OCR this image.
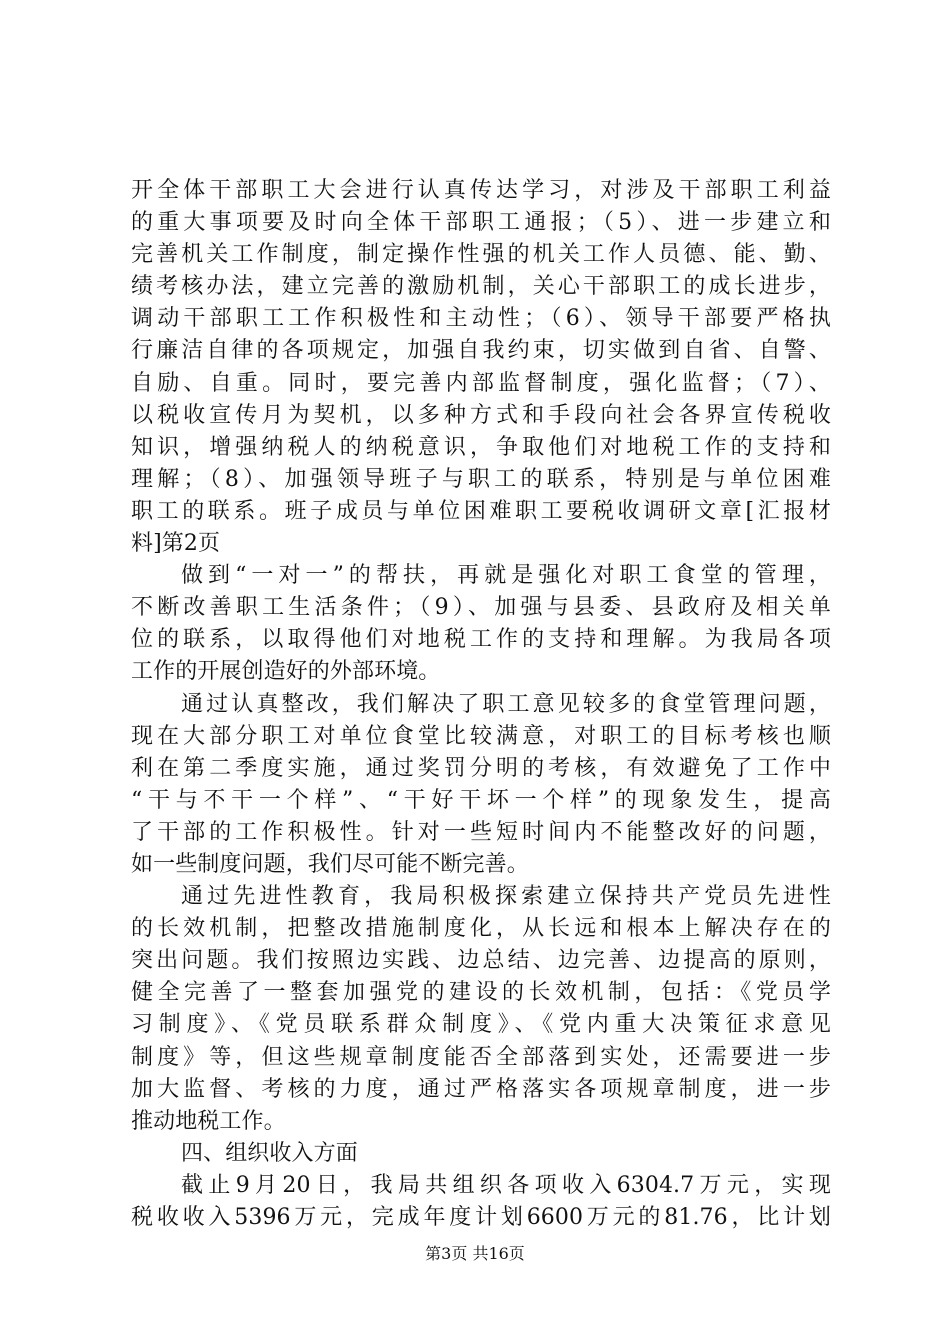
开全体干部职工大会进行认真传达学习，对涉及干部职工利益
的重大事项要及时向全体干部职工通报；（5）、进一步建立和
完善机关工作制度，制定操作性强的机关工作人员德、能、勤、
绩考核办法，建立完善的激励机制，关心干部职工的成长进步，
调动干部职工工作积极性和主动性；（6）、领导干部要严格执
行廉洁自律的各项规定，加强自我约束，切实做到自省、自警、
自励、自重。同时，要完善内部监督制度，强化监督；（7）、
以税收宣传月为契机，以多种方式和手段向社会各界宣传税收
知识，增强纳税人的纳税意识，争取他们对地税工作的支持和
理解；（8）、加强领导班子与职工的联系，特别是与单位困难
职工的联系。班子成员与单位困难职工要税收调研文章[汇报材
料]第2页
做到“一对一”的帮扶，再就是强化对职工食堂的管理，
不断改善职工生活条件；（9）、加强与县委、县政府及相关单
位的联系，以取得他们对地税工作的支持和理解。为我局各项
工作的开展创造好的外部环境。
通过认真整改，我们解决了职工意见较多的食堂管理问题，
现在大部分职工对单位食堂比较满意，对职工的目标考核也顺
利在第二季度实施，通过奖罚分明的考核，有效避免了工作中
“干与不干一个样”、“干好干坏一个样”的现象发生，提高
了干部的工作积极性。针对一些短时间内不能整改好的问题，
如一些制度问题，我们尽可能不断完善。
通过先进性教育，我局积极探索建立保持共产党员先进性
的长效机制，把整改措施制度化，从长远和根本上解决存在的
突出问题。我们按照边实践、边总结、边完善、边提高的原则，
健全完善了一整套加强党的建设的长效机制，包括：《党员学
习制度》、《党员联系群众制度》、《党内重大决策征求意见
制度》等，但这些规章制度能否全部落到实处，还需要进一步
加大监督、考核的力度，通过严格落实各项规章制度，进一步
推动地税工作。
四、组织收入方面
截止9月20日，我局共组织各项收入6304.7万元，实现
税收收入5396万元，完成年度计划6600万元的81.76，比计划
第3页 共16页
